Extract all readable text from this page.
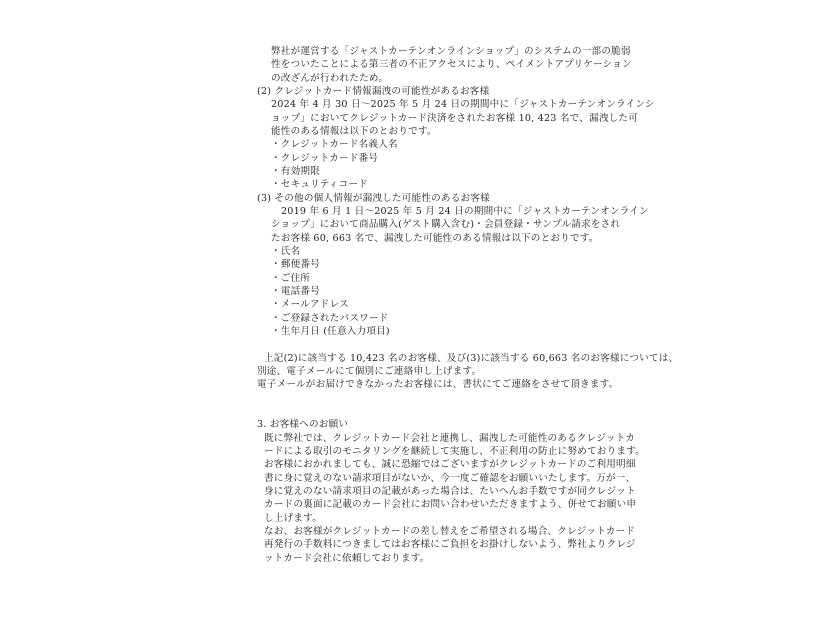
弊社が運営する「ジャストカーテンオンラインショップ」のシステムの一部の脆弱
性をついたことによる第三者の不正アクセスにより、ペイメントアプリケーション
の改ざんが行われたため。
(2) クレジットカード情報漏洩の可能性があるお客様
2024 年 4 月 30 日～2025 年 5 月 24 日の期間中に「ジャストカーテンオンラインシ
ョップ」においてクレジットカード決済をされたお客様 10, 423 名で、漏洩した可
能性のある情報は以下のとおりです。
・クレジットカード名義人名
・クレジットカード番号
・有効期限
・セキュリティコード
(3) その他の個人情報が漏洩した可能性のあるお客様
2019 年 6 月 1 日～2025 年 5 月 24 日の期間中に「ジャストカーテンオンライン
ショップ」において商品購入(ゲスト購入含む)・会員登録・サンプル請求をされ
たお客様 60, 663 名で、漏洩した可能性のある情報は以下のとおりです。
・氏名
・郵便番号
・ご住所
・電話番号
・メールアドレス
・ご登録されたパスワード
・生年月日 (任意入力項目)
上記(2)に該当する 10,423 名のお客様、及び(3)に該当する 60,663 名のお客様については、
別途、電子メールにて個別にご連絡申し上げます。
電子メールがお届けできなかったお客様には、書状にてご連絡をさせて頂きます。
3. お客様へのお願い
既に弊社では、クレジットカード会社と連携し、漏洩した可能性のあるクレジットカ
ードによる取引のモニタリングを継続して実施し、不正利用の防止に努めております。
お客様におかれましても、誠に恐縮ではございますがクレジットカードのご利用明細
書に身に覚えのない請求項目がないか、今一度ご確認をお願いいたします。万が一、
身に覚えのない請求項目の記載があった場合は、たいへんお手数ですが同クレジット
カードの裏面に記載のカード会社にお問い合わせいただきますよう、併せてお願い申
し上げます。
なお、お客様がクレジットカードの差し替えをご希望される場合、クレジットカード
再発行の手数料につきましてはお客様にご負担をお掛けしないよう、弊社よりクレジ
ットカード会社に依頼しております。
